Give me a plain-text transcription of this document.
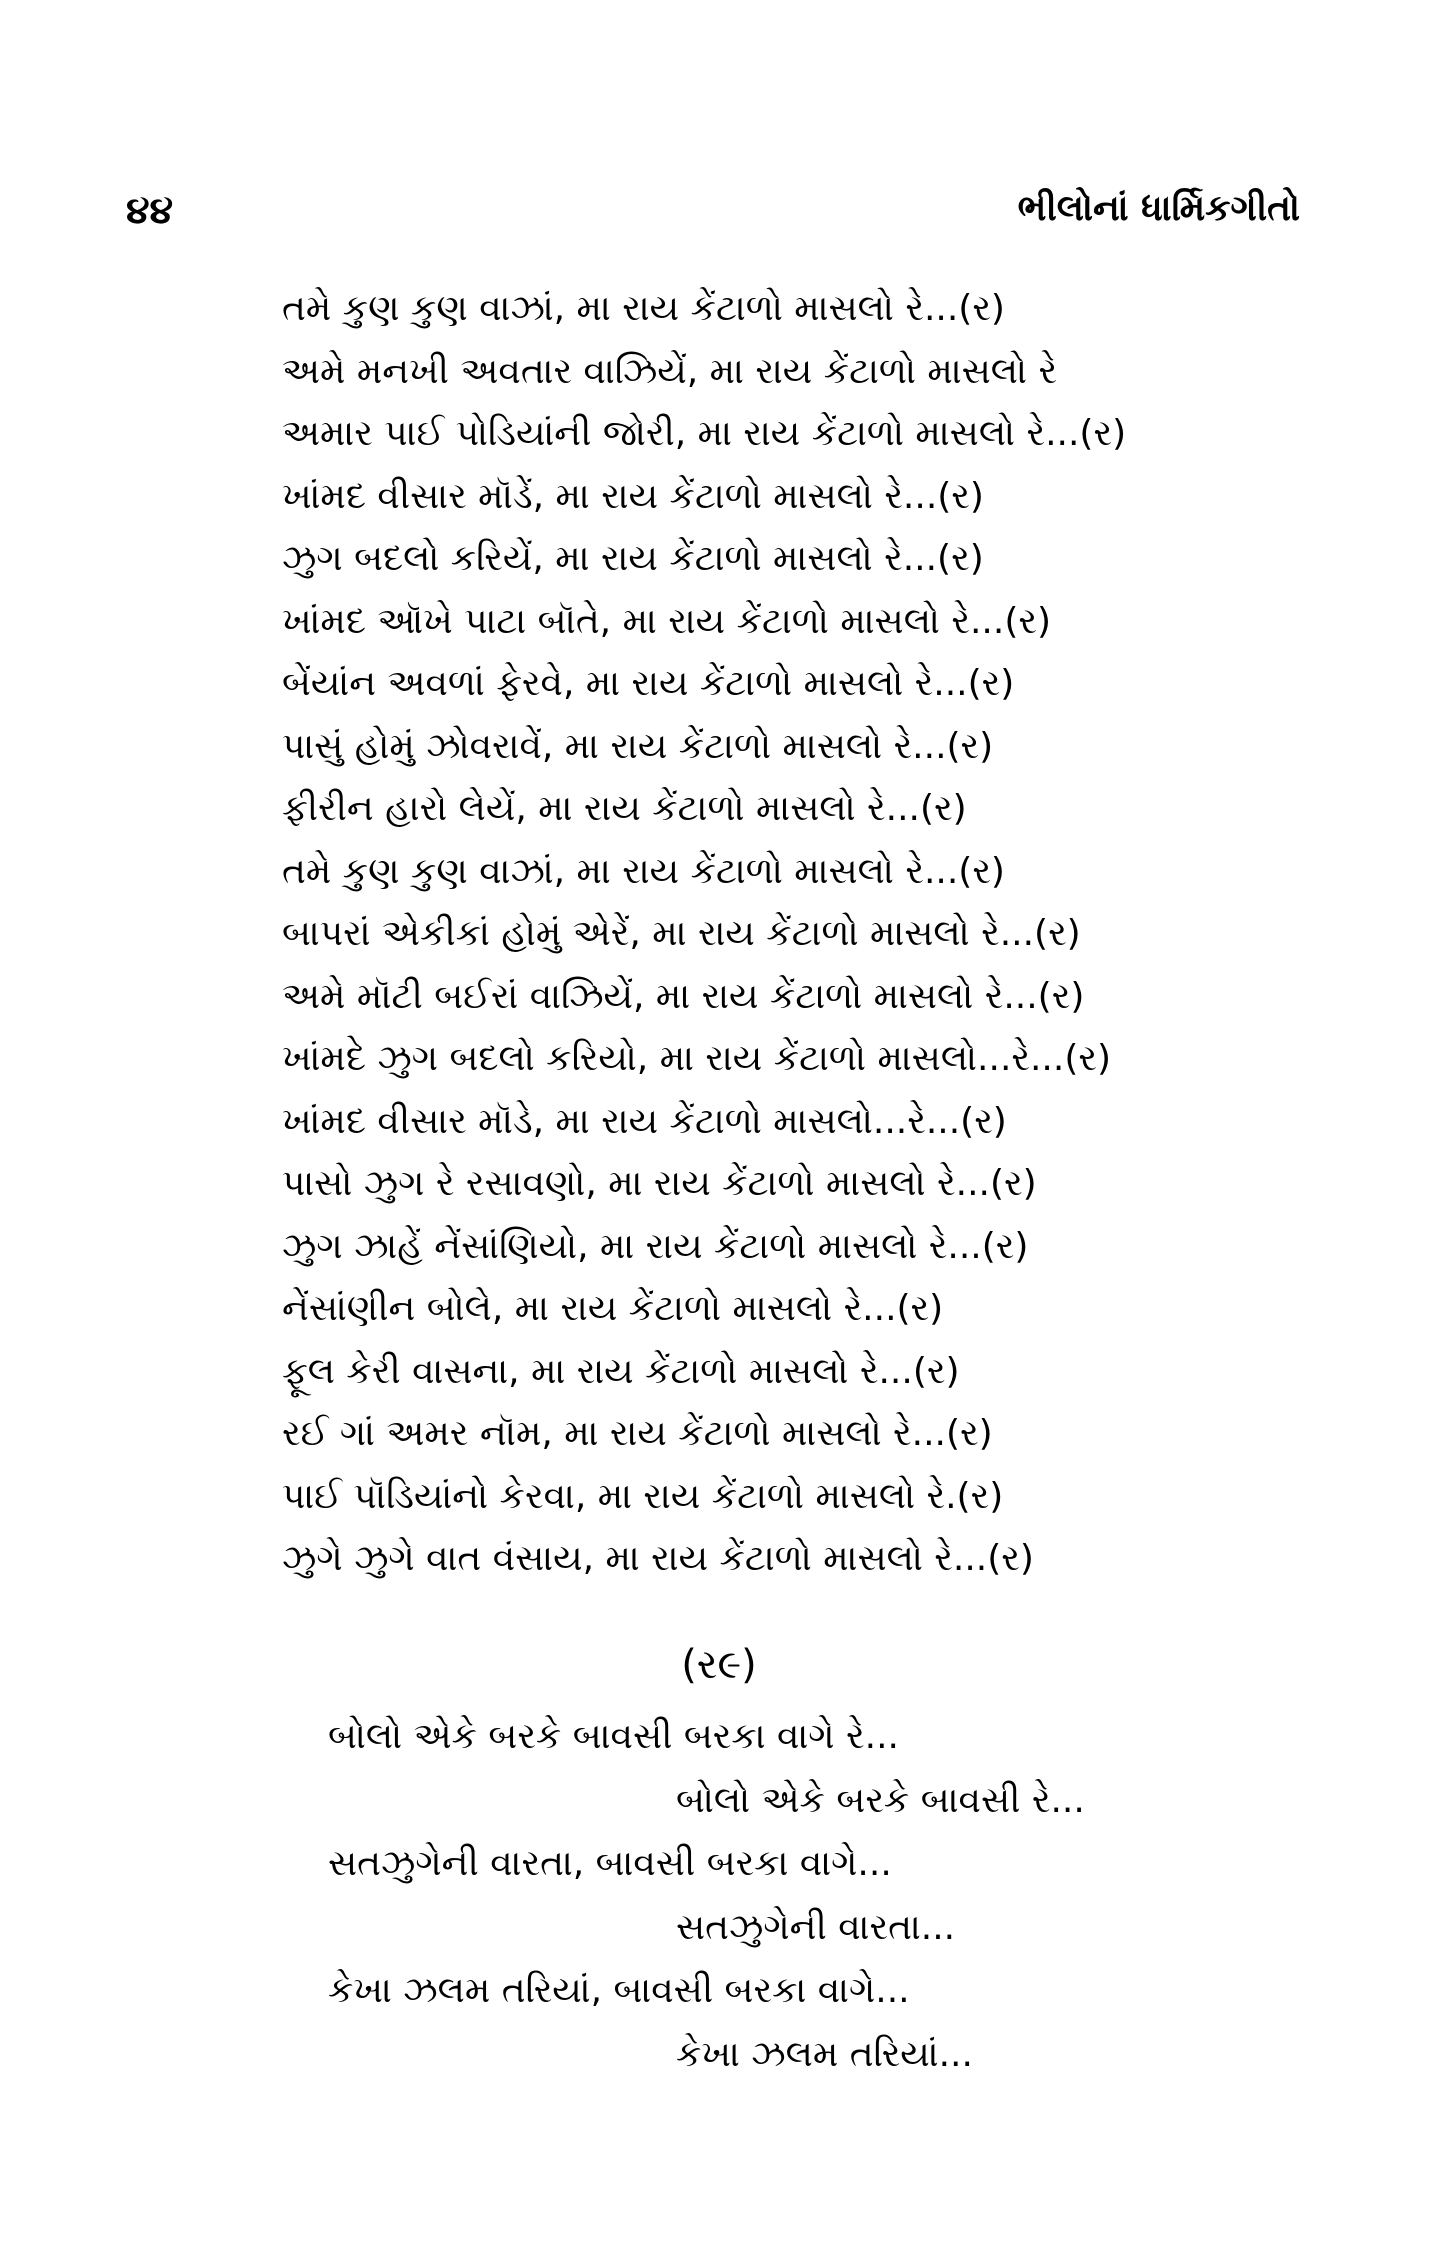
૪૪	ભીલોનાં ધાર્મિકગીતો
તમે કુણ કુણ વાઝાં, મા રાય કેંટાળો માસલો રે...(ર)
અમે મનખી અવતાર વાઝિયેં, મા રાય કેંટાળો માસલો રે
અમાર પાઈ પોડિયાંની જોરી, મા રાય કેંટાળો માસલો રે...(ર)
ખાંમદ વીસાર મૉડેં, મા રાય કેંટાળો માસલો રે...(ર)
ઝુગ બદલો કરિયેં, મા રાય કેંટાળો માસલો રે...(ર)
ખાંમદ ઑખે પાટા બૉતે, મા રાય કેંટાળો માસલો રે...(ર)
બેંયાંન અવળાં ફેરવે, મા રાય કેંટાળો માસલો રે...(ર)
પાસું હોમું ઝોવરાવેં, મા રાય કેંટાળો માસલો રે...(ર)
ફીરીન હારો લેયેં, મા રાય કેંટાળો માસલો રે...(ર)
તમે કુણ કુણ વાઝાં, મા રાય કેંટાળો માસલો રે...(ર)
બાપરાં એકીકાં હોમું એરેં, મા રાય કેંટાળો માસલો રે...(ર)
અમે મૉટી બઈરાં વાઝિયેં, મા રાય કેંટાળો માસલો રે...(ર)
ખાંમદે ઝુગ બદલો કરિયો, મા રાય કેંટાળો માસલો...રે...(ર)
ખાંમદ વીસાર મૉડે, મા રાય કેંટાળો માસલો...રે...(ર)
પાસો ઝુગ રે રસાવણો, મા રાય કેંટાળો માસલો રે...(ર)
ઝુગ ઝાહેં નેંસાંણિયો, મા રાય કેંટાળો માસલો રે...(ર)
નેંસાંણીન બોલે, મા રાય કેંટાળો માસલો રે...(ર)
ફૂલ કેરી વાસના, મા રાય કેંટાળો માસલો રે...(ર)
રઈ ગાં અમર નૉમ, મા રાય કેંટાળો માસલો રે...(ર)
પાઈ પૉડિયાંનો કેરવા, મા રાય કેંટાળો માસલો રે.(ર)
ઝુગે ઝુગે વાત વંસાય, મા રાય કેંટાળો માસલો રે...(ર)
(ર૯)
બોલો એકે બરકે બાવસી બરકા વાગે રે...
બોલો એકે બરકે બાવસી રે...
સતઝુગેની વારતા, બાવસી બરકા વાગે...
સતઝુગેની વારતા...
કેખા ઝલમ તરિયાં, બાવસી બરકા વાગે...
કેખા ઝલમ તરિયાં...
